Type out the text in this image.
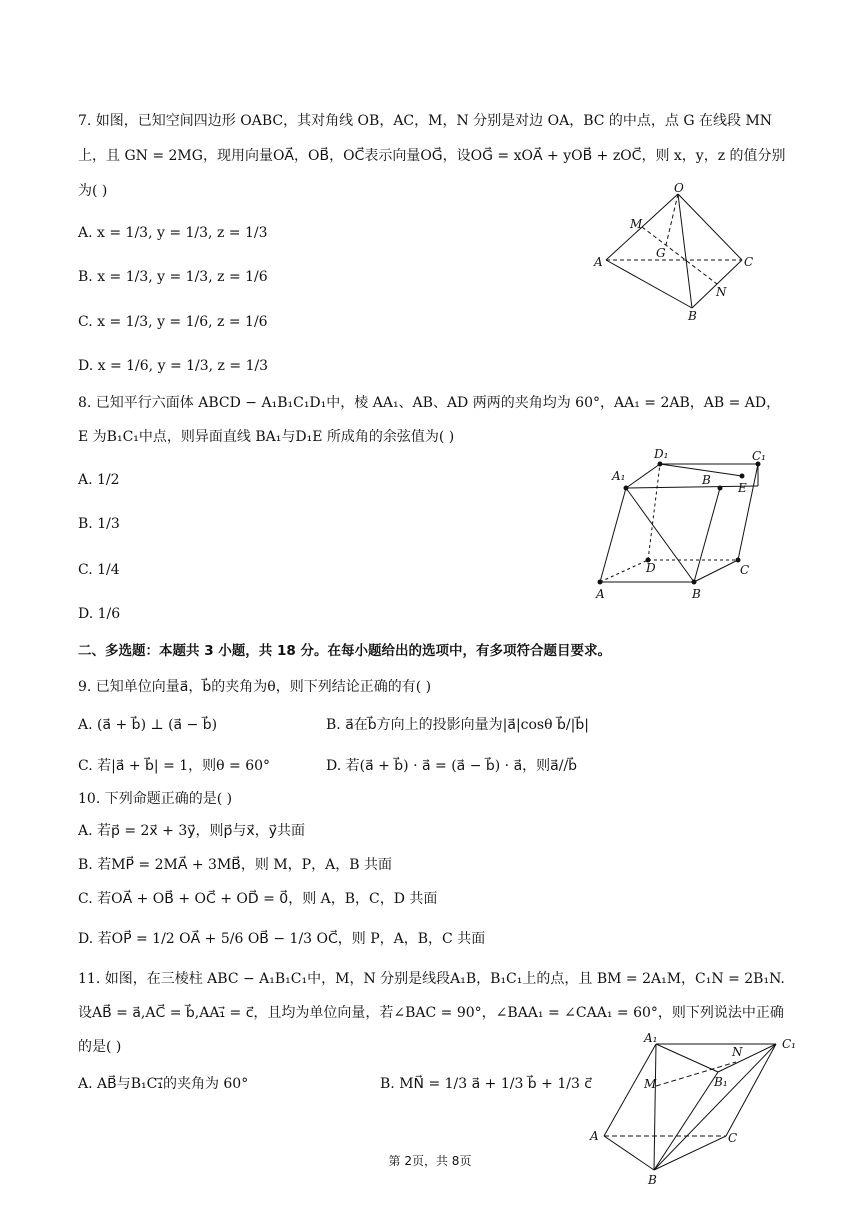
7. 如图，已知空间四边形 OABC，其对角线 OB，AC，M，N 分别是对边 OA，BC 的中点，点 G 在线段 MN
上，且 GN = 2MG，现用向量OA⃗，OB⃗，OC⃗表示向量OG⃗，设OG⃗ = xOA⃗ + yOB⃗ + zOC⃗，则 x，y，z 的值分别
为( )
A. x = 1/3, y = 1/3, z = 1/3
B. x = 1/3, y = 1/3, z = 1/6
C. x = 1/3, y = 1/6, z = 1/6
D. x = 1/6, y = 1/3, z = 1/3
O
M
G
A	C
N
B
8. 已知平行六面体 ABCD − A₁B₁C₁D₁中，棱 AA₁、AB、AD 两两的夹角均为 60°，AA₁ = 2AB，AB = AD，
E 为B₁C₁中点，则异面直线 BA₁与D₁E 所成角的余弦值为( )
A. 1/2
B. 1/3
C. 1/4
D. 1/6
D₁	C₁
A₁	B
E
D	C
A	B
二、多选题：本题共 3 小题，共 18 分。在每小题给出的选项中，有多项符合题目要求。
9. 已知单位向量a⃗，b⃗的夹角为θ，则下列结论正确的有( )
A. (a⃗ + b⃗) ⊥ (a⃗ − b⃗)	B. a⃗在b⃗方向上的投影向量为|a⃗|cosθ b⃗/|b⃗|
C. 若|a⃗ + b⃗| = 1，则θ = 60°	D. 若(a⃗ + b⃗) · a⃗ = (a⃗ − b⃗) · a⃗，则a⃗//b⃗
10. 下列命题正确的是( )
A. 若p⃗ = 2x⃗ + 3y⃗，则p⃗与x⃗，y⃗共面
B. 若MP⃗ = 2MA⃗ + 3MB⃗，则 M，P，A，B 共面
C. 若OA⃗ + OB⃗ + OC⃗ + OD⃗ = 0⃗，则 A，B，C，D 共面
D. 若OP⃗ = 1/2 OA⃗ + 5/6 OB⃗ − 1/3 OC⃗，则 P，A，B，C 共面
11. 如图，在三棱柱 ABC − A₁B₁C₁中，M，N 分别是线段A₁B，B₁C₁上的点，且 BM = 2A₁M，C₁N = 2B₁N.
设AB⃗ = a⃗,AC⃗ = b⃗,AA₁⃗ = c⃗，且均为单位向量，若∠BAC = 90°，∠BAA₁ = ∠CAA₁ = 60°，则下列说法中正确
的是( )
A. AB⃗与B₁C₁⃗的夹角为 60°	B. MN⃗ = 1/3 a⃗ + 1/3 b⃗ + 1/3 c⃗
A₁
N
C₁
M	B₁
A	C
B
第 2页，共 8页
